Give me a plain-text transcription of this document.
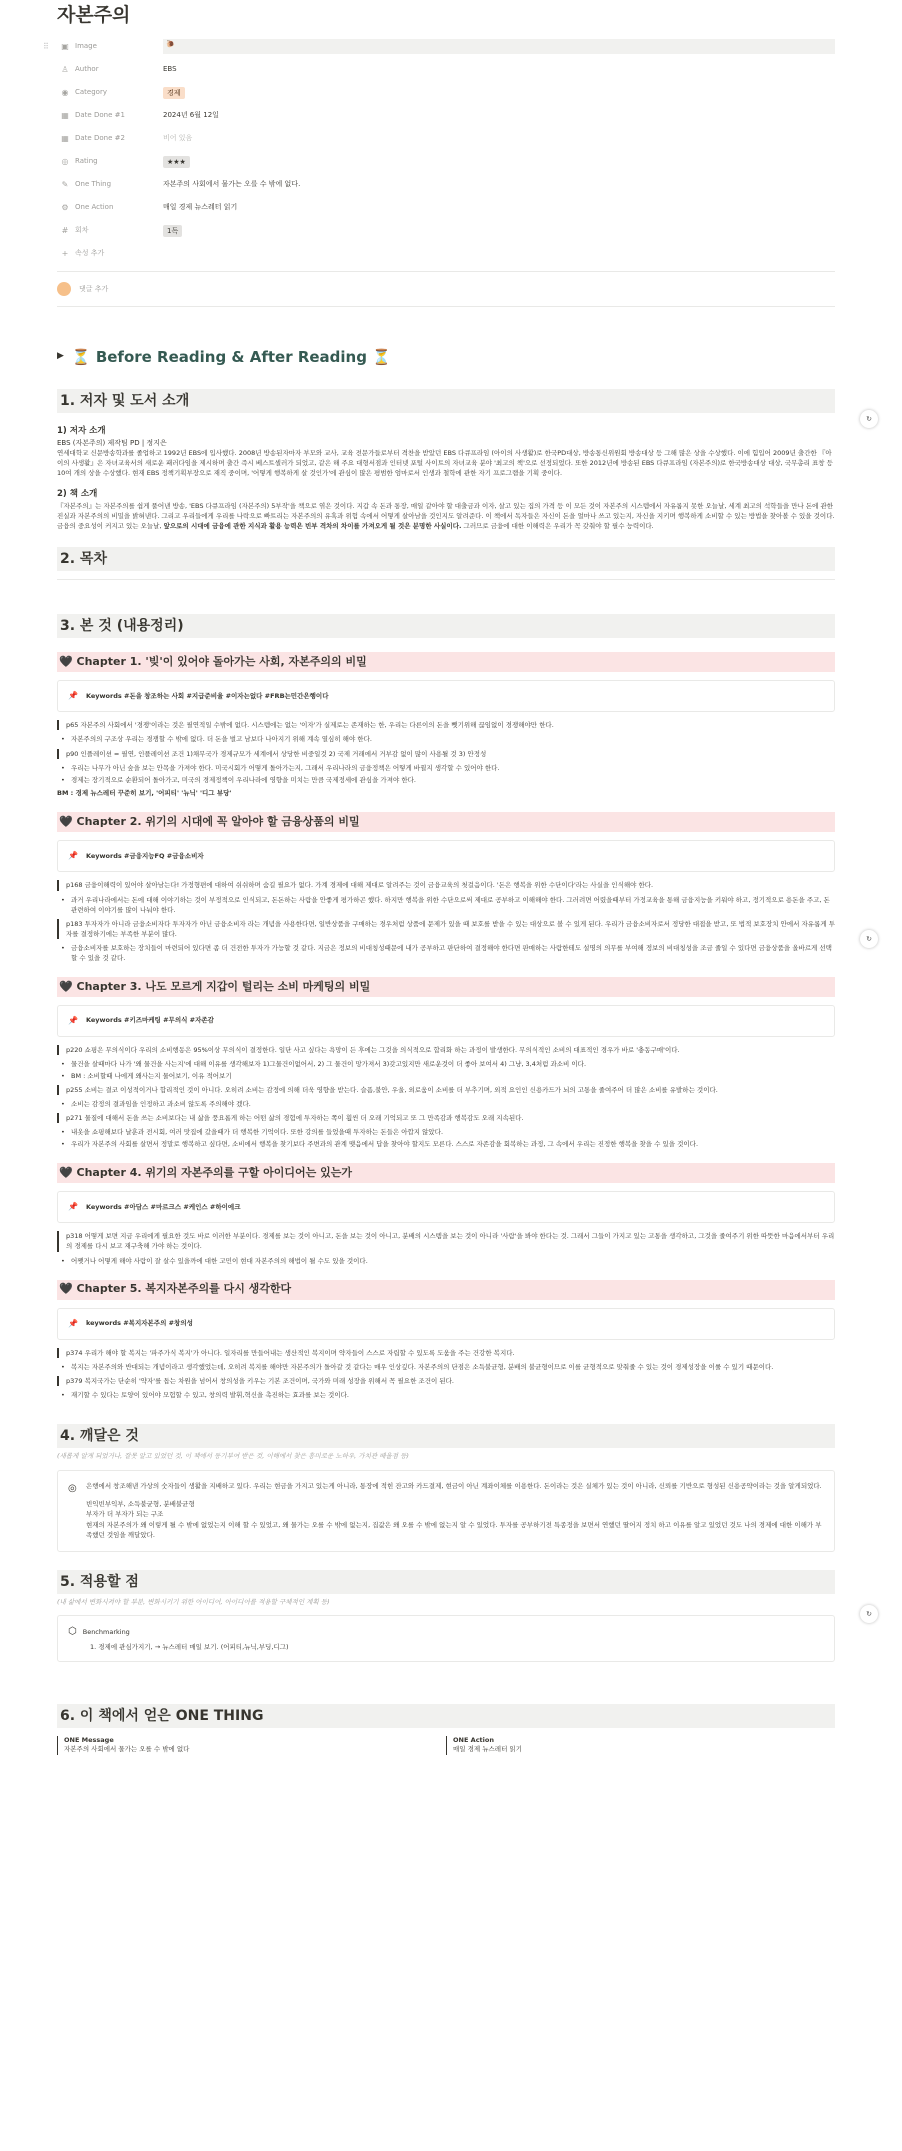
자본주의
⠿ ▣ Image	🐌
♙ Author	EBS
◉ Category	경제
▦ Date Done #1	2024년 6월 12일
▦ Date Done #2	비어 있음
◎ Rating	★★★
✎ One Thing	자본주의 사회에서 물가는 오를 수 밖에 없다.
⚙ One Action	매일 경제 뉴스레터 읽기
# 회차	1독
+ 속성 추가
댓글 추가
▶ ⏳ Before Reading & After Reading ⏳
1. 저자 및 도서 소개
1) 저자 소개
EBS (자본주의) 제작팀 PD | 정지은
연세대학교 신문방송학과를 졸업하고 1992년 EBS에 입사했다. 2008년 방송된자마자 부모와 교사, 교육 전문가들로부터 격찬을 받았던 EBS 다큐프라임 (아이의 사생활)로 한국PD대상, 방송통신위원회 방송대상 등 그해 많은 상을 수상했다. 이에 힘입어 2009년 출간한 『아이의 사생활』은 자녀교육서의 새로운 패러다임을 제시하며 출간 즉시 베스트셀러가 되었고, 같은 해 주요 대형서점과 인터넷 포털 사이트의 자녀교육 분야 '최고의 책'으로 선정되었다. 또한 2012년에 방송된 EBS 다큐프라임 (자본주의)로 한국방송대상 대상, 국무총리 표창 등 10여 개의 상을 수상했다. 현재 EBS 정책기획부장으로 재직 중이며, '어떻게 행복하게 살 것인가'에 관심이 많은 평범한 엄마로서 인생과 철학에 관한 자기 프로그램을 기획 중이다.
2) 책 소개
『자본주의』는 자본주의를 쉽게 풀어낸 방송, 'EBS 다큐프라임 (자본주의) 5부작'을 책으로 엮은 것이다. 지갑 속 돈과 통장, 매일 같아야 할 대출금과 이자, 살고 있는 집의 가격 등 이 모든 것이 자본주의 시스템에서 자유롭지 못한 오늘날, 세계 최고의 석학들을 만나 돈에 관한 진실과 자본주의의 비밀을 밝혀낸다. 그리고 우리들에게 우리를 나락으로 빠트리는 자본주의의 유혹과 위험 속에서 어떻게 살아남을 것인지도 알려준다. 이 책에서 독자들은 자신이 돈을 얼마나 쓰고 있는지, 자신을 지키며 행복하게 소비할 수 있는 방법을 찾아볼 수 있을 것이다.
금융의 중요성이 커지고 있는 오늘날, 앞으로의 시대에 금융에 관한 지식과 활용 능력은 빈부 격차의 차이를 가져오게 될 것은 분명한 사실이다. 그러므로 금융에 대한 이해력은 우리가 꼭 갖춰야 할 필수 능력이다.
2. 목차
3. 본 것 (내용정리)
🖤 Chapter 1. '빚'이 있어야 돌아가는 사회, 자본주의의 비밀
📌 Keywords #돈을 창조하는 사회 #지급준비율 #이자는없다 #FRB는민간은행이다
p65 자본주의 사회에서 '경쟁'이라는 것은 필연적일 수밖에 없다. 시스템에는 없는 '이자'가 실제로는 존재하는 한, 우리는 다른이의 돈을 뺏기위해 끊임없이 경쟁해야만 한다.
• 자본주의의 구조상 우리는 경쟁할 수 밖에 없다. 더 돈을 벌고 남보다 나아지기 위해 계속 열심히 해야 한다.
p90 인플레이션 = 필연, 인플레이션 조건 1)채무국가 경제규모가 세계에서 상당한 비중일것 2) 국제 거래에서 거부감 없이 많이 사용될 것 3) 안정성
• 우리는 나무가 아닌 숲을 보는 안목을 가져야 한다. 미국시회가 어떻게 돌아가는지, 그래서 우리나라의 금융정책은 어떻게 바뀔지 생각할 수 있어야 한다.
• 경제는 장기적으로 순환되어 돌아가고, 미국의 경제정책이 우리나라에 영향을 미치는 만큼 국제정세에 관심을 가져야 한다.
BM : 경제 뉴스레터 꾸준히 보기, '어피티' '뉴닉' '디그 뷰당'
🖤 Chapter 2. 위기의 시대에 꼭 알아야 할 금융상품의 비밀
📌 Keywords #금융지능FQ #금융소비자
p168 금융이해력이 있어야 살아남는다! 가정형편에 대하여 쉬쉬하며 숨길 필요가 없다. 가계 경제에 대해 제대로 알려주는 것이 금융교육의 첫걸음이다. '돈은 행복을 위한 수단이다'라는 사실을 인식해야 한다.
• 과거 우리나라에서는 돈에 대해 이야기하는 것이 부정적으로 인식되고, 돈돈하는 사람을 안좋게 평가하곤 했다. 하지만 행복을 위한 수단으로써 제대로 공부하고 이해해야 한다. 그러려면 어렸을때부터 가정교육을 통해 금융지능을 키워야 하고, 정기적으로 용돈을 주고, 돈 관련하여 이야기를 많이 나눠야 한다.
p183 투자자가 아니라 금융소비자다 투자자가 아닌 금융소비자 라는 개념을 사용한다면, 일반상품을 구매하는 경우처럼 상품에 문제가 있을 때 보호를 받을 수 있는 대상으로 볼 수 있게 된다. 우리가 금융소비자로서 정당한 대접을 받고, 또 법적 보호장치 안에서 자유롭게 투자를 결정하기에는 부족한 부분이 많다.
• 금융소비자를 보호하는 장치들이 마련되어 있다면 좀 더 건전한 투자가 가능할 것 같다. 지금은 정보의 비대칭성때문에 내가 공부하고 판단하여 결정해야 한다면 판매하는 사람한테도 설명의 의무를 부여해 정보의 비대칭성을 조금 줄일 수 있다면 금융상품을 올바르게 선택할 수 있을 것 같다.
🖤 Chapter 3. 나도 모르게 지갑이 털리는 소비 마케팅의 비밀
📌 Keywords #키즈마케팅 #무의식 #자존감
p220 쇼핑은 무의식이다 우리의 소비행동은 95%이상 무의식이 결정한다. 일단 사고 싶다는 욕망이 든 후에는 그것을 의식적으로 합리화 하는 과정이 발생한다. 무의식적인 소비의 대표적인 경우가 바로 '충동구매'이다.
• 물건을 살때마다 나가 '왜 물건을 사는지'에 대해 이유를 생각해보자 1)그물건이없어서, 2) 그 물건이 망가져서 3)갖고있지만 새로운것이 더 좋아 보여서 4) 그냥, 3,4처럼 과소비 이다.
• BM : 소비할때 나에게 왜사는지 물어보기, 이유 적어보기
p255 소비는 결코 이성적이거나 합리적인 것이 아니다. 오히려 소비는 감정에 의해 더욱 영향을 받는다. 슬픔,불안, 우울, 외로움이 소비를 더 부추기며, 외적 요인인 신용카드가 뇌의 고통을 줄여주어 더 많은 소비를 유발하는 것이다.
• 소비는 감정의 결과임을 인정하고 과소비 않도록 주의해야 겠다.
p271 물질에 대해서 돈을 쓰는 소비보다는 내 삶을 풍요롭게 하는 어떤 삶의 경험에 투자하는 쪽이 훨씬 더 오래 기억되고 또 그 만족감과 행복감도 오래 지속된다.
• 내옷을 쇼핑해보다 날훈과 전시회, 여러 맛집에 갔을때가 더 행복한 기억이다. 또한 강의를 들었을때 투자하는 돈들은 아깝지 않았다.
• 우리가 자본주의 사회를 살면서 정말로 행복하고 싶다면, 소비에서 행복을 찾기보다 주변과의 관계 맺음에서 답을 찾아야 할지도 모른다. 스스로 자존감을 회복하는 과정, 그 속에서 우리는 진정한 행복을 찾을 수 있을 것이다.
🖤 Chapter 4. 위기의 자본주의를 구할 아이디어는 있는가
📌 Keywords #아담스 #마르크스 #케인스 #하이에크
p318 어떻게 보면 지금 우리에게 필요한 것도 바로 이러한 부분이다. 경제를 보는 것이 아니고, 돈을 보는 것이 아니고, 분배의 시스템을 보는 것이 아니라 '사람'을 봐야 한다는 것. 그래서 그들이 가지고 있는 고통을 생각하고, 그것을 줄여주기 위한 따뜻한 마음에서부터 우리의 경제를 다시 보고 재구축해 가야 하는 것이다.
• 어쨋거나 어떻게 해야 사람이 잘 살수 있을까에 대한 고민이 현대 자본주의의 해법이 될 수도 있을 것이다.
🖤 Chapter 5. 복지자본주의를 다시 생각한다
📌 keywords #복지자본주의 #창의성
p374 우리가 해야 할 복지는 '파주가식 복지'가 아니다. 일자리를 만들어내는 생산적인 복지이며 약자들이 스스로 자립할 수 있도록 도움을 주는 건강한 복지다.
• 복지는 자본주의와 반대되는 개념이라고 생각했었는데, 오히려 복지를 해야만 자본주의가 돌아갈 것 같다는 매우 인상깊다. 자본주의의 단점은 소득불균형, 분배의 불균형이므로 이를 균형적으로 맞춰줄 수 있는 것이 경제성장을 이룰 수 있기 때문이다.
p379 복지국가는 단순히 '약자'를 돕는 차원을 넘어서 창의성을 키우는 기본 조건이며, 국가와 미래 성장을 위해서 꼭 필요한 조건이 된다.
• 재기할 수 있다는 토양이 있어야 모험할 수 있고, 창의력 발휘,혁신을 촉진하는 효과를 보는 것이다.
4. 깨달은 것
(새롭게 알게 되었거나, 잘못 알고 있었던 것, 이 책에서 동기부여 받은 것, 이해에서 찾은 흥미로운 노하우, 가치관 배울점 등)
◎	은행에서 창조해낸 가상의 숫자들이 생활을 지배하고 있다. 우리는 현금을 가지고 있는게 아니라, 통장에 적힌 잔고와 카드결제, 현금이 아닌 계좌이체를 이용한다. 돈이라는 것은 실체가 있는 것이 아니라, 신뢰를 기반으로 형성된 신용공약이라는 것을 알게되었다.
빈익빈부익부, 소득불균형, 분배불균형
부자가 더 부자가 되는 구조
현재의 자본주의가 왜 이렇게 될 수 밖에 없었는지 이해 할 수 있었고, 왜 물가는 오를 수 밖에 없는지, 집값은 왜 오를 수 밖에 없는지 알 수 있었다. 투자를 공부하기전 특종정을 보면서 연했던 딸어지 정치 하고 이유를 알고 있었던 것도 나의 경제에 대한 이해가 부족했던 것임을 깨달았다.
5. 적용할 점
(내 삶에서 변화시켜야 할 부분, 변화시키기 위한 아이디어, 아이디어를 적용할 구체적인 계획 등)
⬡ Benchmarking
1. 경제에 관심가지기, → 뉴스레터 매일 보기. (어피티,뉴닉,부딩,디그)
6. 이 책에서 얻은 ONE THING
ONE Message
자본주의 사회에서 물가는 오를 수 밖에 없다
ONE Action
매일 경제 뉴스레터 읽기
↻
↻
↻
